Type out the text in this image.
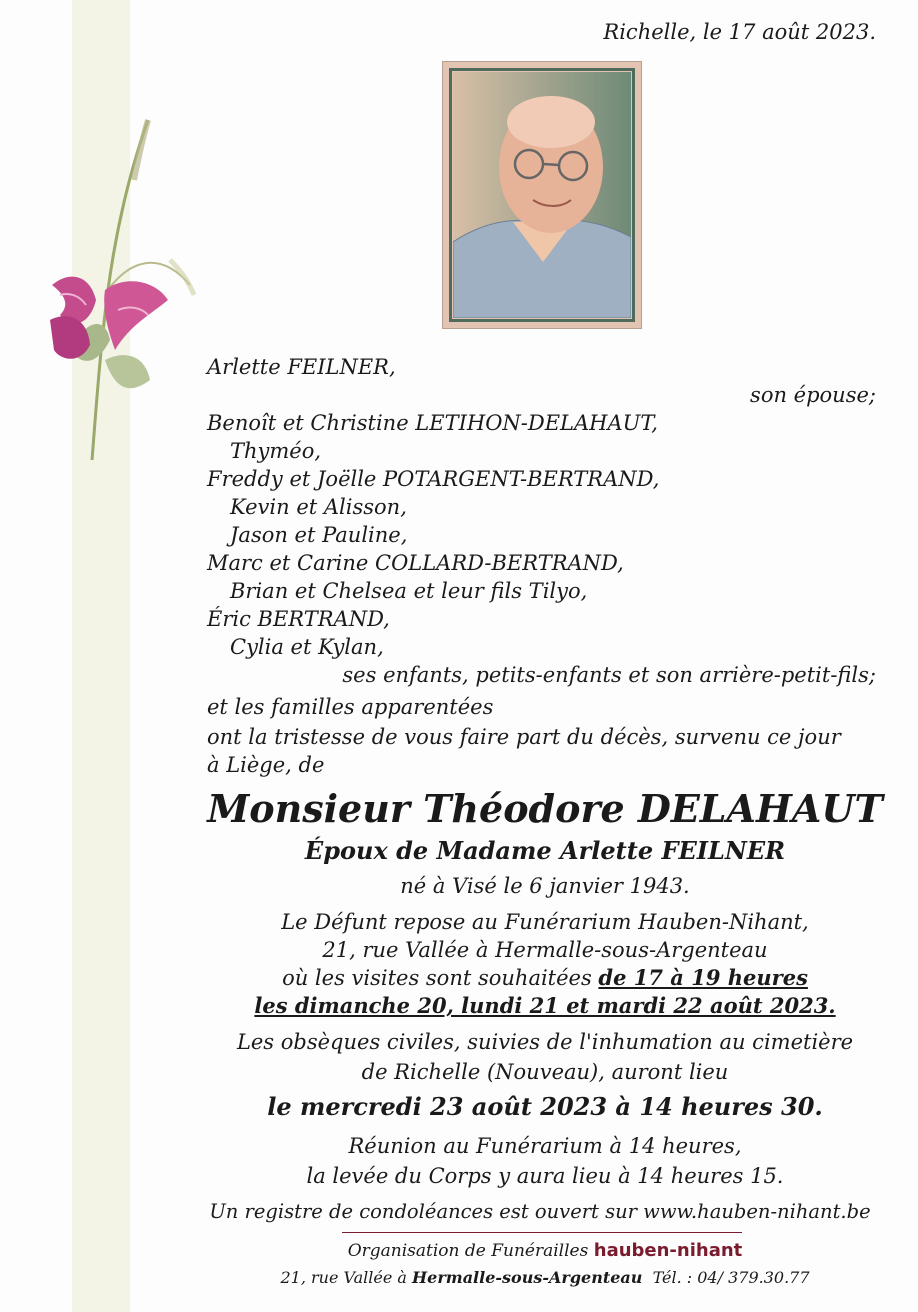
Richelle, le 17 août 2023.
Arlette FEILNER,
son épouse;
Benoît et Christine LETIHON-DELAHAUT,
Thyméo,
Freddy et Joëlle POTARGENT-BERTRAND,
Kevin et Alisson,
Jason et Pauline,
Marc et Carine COLLARD-BERTRAND,
Brian et Chelsea et leur fils Tilyo,
Éric BERTRAND,
Cylia et Kylan,
ses enfants, petits-enfants et son arrière-petit-fils;
et les familles apparentées
ont la tristesse de vous faire part du décès, survenu ce jour
à Liège, de
Monsieur Théodore DELAHAUT
Époux de Madame Arlette FEILNER
né à Visé le 6 janvier 1943.
Le Défunt repose au Funérarium Hauben-Nihant,
21, rue Vallée à Hermalle-sous-Argenteau
où les visites sont souhaitées de 17 à 19 heures
les dimanche 20, lundi 21 et mardi 22 août 2023.
Les obsèques civiles, suivies de l'inhumation au cimetière
de Richelle (Nouveau), auront lieu
le mercredi 23 août 2023 à 14 heures 30.
Réunion au Funérarium à 14 heures,
la levée du Corps y aura lieu à 14 heures 15.
Un registre de condoléances est ouvert sur www.hauben-nihant.be
Organisation de Funérailles hauben-nihant
21, rue Vallée à Hermalle-sous-Argenteau Tél. : 04/ 379.30.77
